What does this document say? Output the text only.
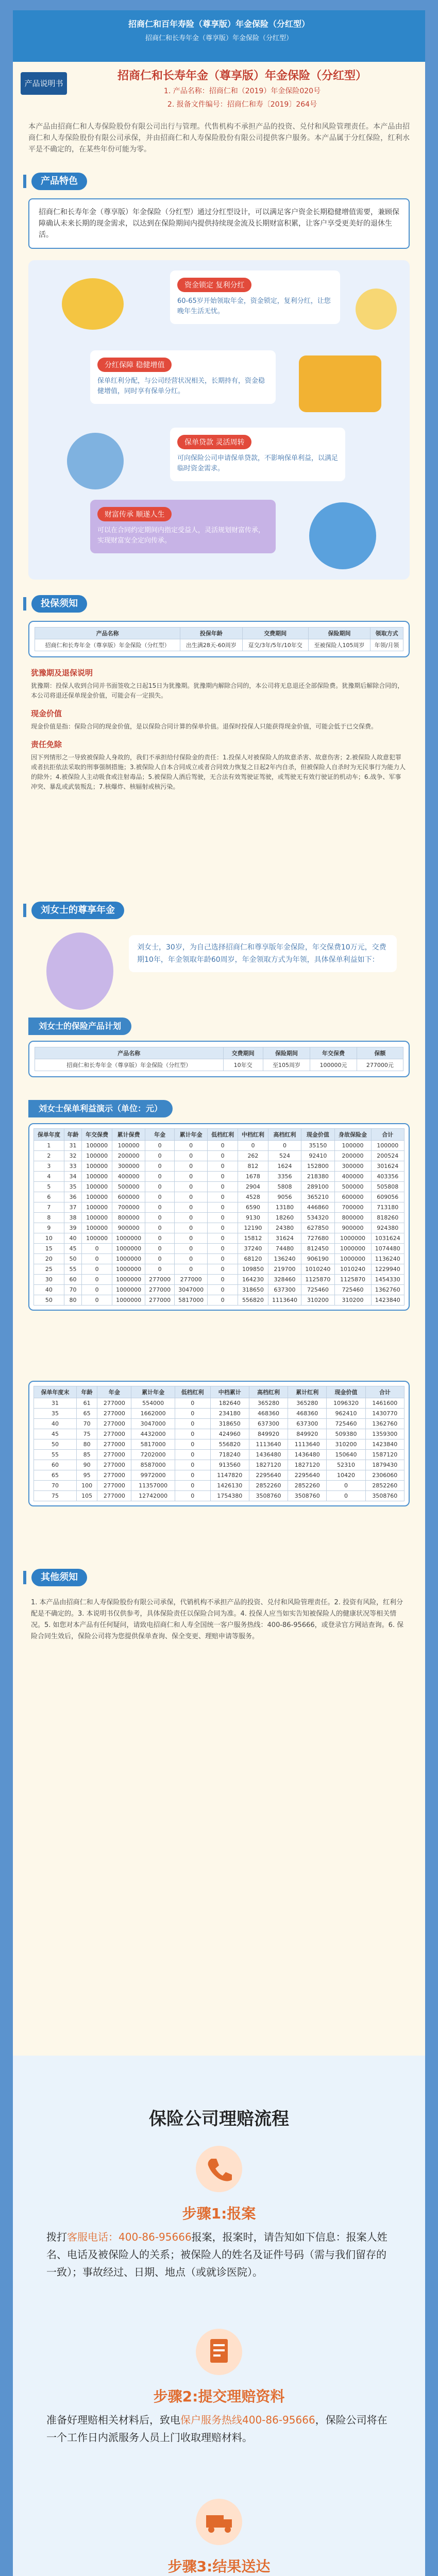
招商仁和百年寿险（尊享版）年金保险（分红型）
招商仁和长寿年金（尊享版）年金保险（分红型）
产品说明书
招商仁和长寿年金（尊享版）年金保险（分红型）
1. 产品名称：招商仁和（2019）年金保险020号
2. 报备文件编号：招商仁和寿〔2019〕264号
本产品由招商仁和人寿保险股份有限公司出行与管理。代售机构不承担产品的投资、兑付和风险管理责任。本产品由招商仁和人寿保险股份有限公司承保，并由招商仁和人寿保险股份有限公司提供客户服务。本产品属于分红保险，红利水平是不确定的，在某些年份可能为零。
产品特色
招商仁和长寿年金（尊享版）年金保险（分红型）通过分红型设计，可以满足客户资金长期稳健增值需要，兼顾保障确认未来长期的现金需求，以达到在保险期间内提供持续现金流及长期财富积累，让客户享受更美好的退休生活。
资金锁定 复利分红
60-65岁开始领取年金，资金锁定，复利分红，让您晚年生活无忧。
分红保障 稳健增值
保单红利分配，与公司经营状况相关，长期持有，资金稳健增值，同时享有保单分红。
保单贷款 灵活周转
可向保险公司申请保单贷款，不影响保单利益，以满足临时资金需求。
财富传承 顺遂人生
可以在合同约定期间内指定受益人，灵活规划财富传承，实现财富安全定向传承。
投保须知
产品名称	投保年龄	交费期间	保险期间	领取方式
招商仁和长寿年金（尊享版）年金保险（分红型）	出生满28天-60周岁	趸交/3年/5年/10年交	至被保险人105周岁	年领/月领
犹豫期及退保说明
犹豫期：投保人收到合同并书面签收之日起15日为犹豫期。犹豫期内解除合同的，本公司将无息退还全部保险费。犹豫期后解除合同的，本公司将退还保单现金价值，可能会有一定损失。
现金价值
现金价值是指：保险合同的现金价值，是以保险合同计算的保单价值。退保时投保人只能获得现金价值，可能会低于已交保费。
责任免除
因下列情形之一导致被保险人身故的，我们不承担给付保险金的责任：1.投保人对被保险人的故意杀害、故意伤害；2.被保险人故意犯罪或者抗拒依法采取的刑事强制措施；3.被保险人自本合同成立或者合同效力恢复之日起2年内自杀，但被保险人自杀时为无民事行为能力人的除外；4.被保险人主动吸食或注射毒品；5.被保险人酒后驾驶，无合法有效驾驶证驾驶，或驾驶无有效行驶证的机动车；6.战争、军事冲突、暴乱或武装叛乱；7.核爆炸、核辐射或核污染。
刘女士的尊享年金
刘女士，30岁，为自己选择招商仁和尊享版年金保险，年交保费10万元，交费期10年，年金领取年龄60周岁，年金领取方式为年领，具体保单利益如下：
刘女士的保险产品计划
产品名称	交费期间	保险期间	年交保费	保额
招商仁和长寿年金（尊享版）年金保险（分红型）	10年交	至105周岁	100000元	277000元
刘女士保单利益演示（单位：元）
保单年度	年龄	年交保费	累计保费	年金	累计年金	低档红利	中档红利	高档红利	现金价值	身故保险金	合计
1	31	100000	100000	0	0	0	0	0	35150	100000	100000
2	32	100000	200000	0	0	0	262	524	92410	200000	200524
3	33	100000	300000	0	0	0	812	1624	152800	300000	301624
4	34	100000	400000	0	0	0	1678	3356	218380	400000	403356
5	35	100000	500000	0	0	0	2904	5808	289100	500000	505808
6	36	100000	600000	0	0	0	4528	9056	365210	600000	609056
7	37	100000	700000	0	0	0	6590	13180	446860	700000	713180
8	38	100000	800000	0	0	0	9130	18260	534320	800000	818260
9	39	100000	900000	0	0	0	12190	24380	627850	900000	924380
10	40	100000	1000000	0	0	0	15812	31624	727680	1000000	1031624
15	45	0	1000000	0	0	0	37240	74480	812450	1000000	1074480
20	50	0	1000000	0	0	0	68120	136240	906190	1000000	1136240
25	55	0	1000000	0	0	0	109850	219700	1010240	1010240	1229940
30	60	0	1000000	277000	277000	0	164230	328460	1125870	1125870	1454330
40	70	0	1000000	277000	3047000	0	318650	637300	725460	725460	1362760
50	80	0	1000000	277000	5817000	0	556820	1113640	310200	310200	1423840
保单年度末	年龄	年金	累计年金	低档红利	中档累计	高档红利	累计红利	现金价值	合计
31	61	277000	554000	0	182640	365280	365280	1096320	1461600
35	65	277000	1662000	0	234180	468360	468360	962410	1430770
40	70	277000	3047000	0	318650	637300	637300	725460	1362760
45	75	277000	4432000	0	424960	849920	849920	509380	1359300
50	80	277000	5817000	0	556820	1113640	1113640	310200	1423840
55	85	277000	7202000	0	718240	1436480	1436480	150640	1587120
60	90	277000	8587000	0	913560	1827120	1827120	52310	1879430
65	95	277000	9972000	0	1147820	2295640	2295640	10420	2306060
70	100	277000	11357000	0	1426130	2852260	2852260	0	2852260
75	105	277000	12742000	0	1754380	3508760	3508760	0	3508760
其他须知
1. 本产品由招商仁和人寿保险股份有限公司承保，代销机构不承担产品的投资、兑付和风险管理责任。2. 投资有风险，红利分配是不确定的。3. 本说明书仅供参考，具体保险责任以保险合同为准。4. 投保人应当如实告知被保险人的健康状况等相关情况。5. 如您对本产品有任何疑问，请致电招商仁和人寿全国统一客户服务热线：400-86-95666，或登录官方网站查询。6. 保险合同生效后，保险公司将为您提供保单查询、保全变更、理赔申请等服务。
保险公司理赔流程
步骤1:报案
拨打客服电话：400-86-95666报案，报案时，请告知如下信息：报案人姓名、电话及被保险人的关系；被保险人的姓名及证件号码（需与我们留存的一致）；事故经过、日期、地点（或就诊医院）。
步骤2:提交理赔资料
准备好理赔相关材料后，致电保户服务热线400-86-95666，保险公司将在一个工作日内派服务人员上门收取理赔材料。
步骤3:结果送达
